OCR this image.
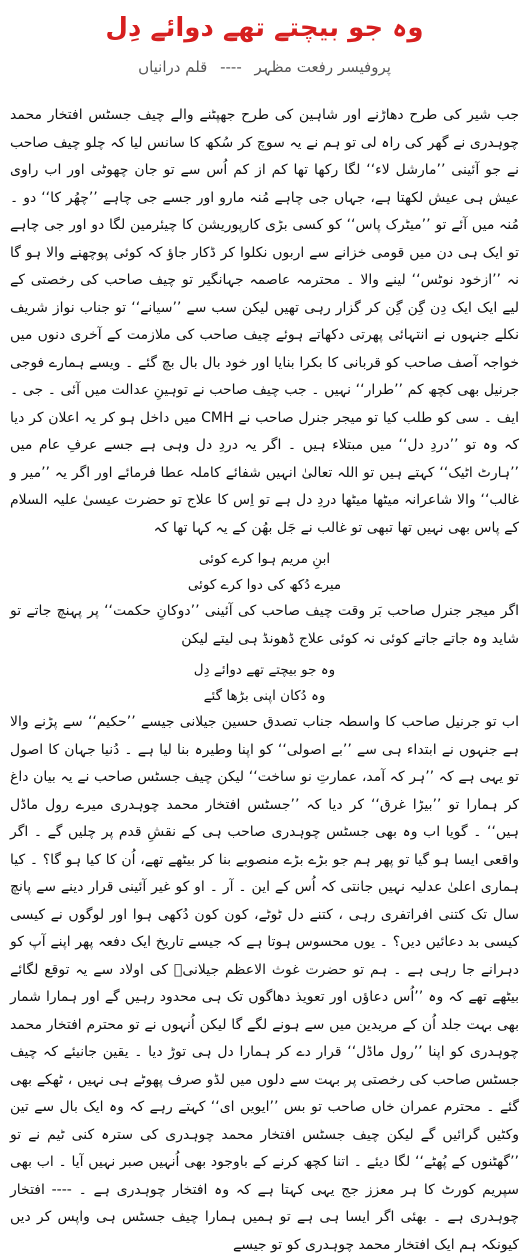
وہ جو بیچتے تھے دوائے دِل
پروفیسر رفعت مظہر ---- قلم درانیاں

جب شیر کی طرح دھاڑنے اور شاہین کی طرح جھپٹنے والے چیف جسٹس افتخار محمد چوہدری نے گھر کی راہ لی تو ہم نے یہ سوچ کر سُکھ کا سانس لیا کہ چلو چیف صاحب نے جو آئینی ’’مارشل لاء‘‘ لگا رکھا تھا کم از کم اُس سے تو جان چھوٹی اور اب راوی عیش ہی عیش لکھتا ہے، جہاں جی چاہے مُنہ مارو اور جسے جی چاہے ’’چھُر کا‘‘ دو ۔ مُنہ میں آئے تو ’’میٹرک پاس‘‘ کو کسی بڑی کارپوریشن کا چیئرمین لگا دو اور جی چاہے تو ایک ہی دن میں قومی خزانے سے اربوں نکلوا کر ڈکار جاؤ کہ کوئی پوچھنے والا ہو گا نہ ’’ازخود نوٹس‘‘ لینے والا ۔ محترمہ عاصمہ جہانگیر تو چیف صاحب کی رخصتی کے لیے ایک ایک دِن گِن گِن کر گزار رہی تھیں لیکن سب سے ’’سیانے‘‘ تو جناب نواز شریف نکلے جنہوں نے انتہائی پھرتی دکھاتے ہوئے چیف صاحب کی ملازمت کے آخری دنوں میں خواجہ آصف صاحب کو قربانی کا بکرا بنایا اور خود بال بال بچ گئے ۔ ویسے ہمارے فوجی جرنیل بھی کچھ کم ’’طرار‘‘ نہیں ۔ جب چیف صاحب نے توہینِ عدالت میں آئی ۔ جی ۔ ایف ۔ سی کو طلب کیا تو میجر جنرل صاحب نے CMH میں داخل ہو کر یہ اعلان کر دیا کہ وہ تو ’’دردِ دل‘‘ میں مبتلاء ہیں ۔ اگر یہ دردِ دل وہی ہے جسے عرفِ عام میں ’’ہارٹ اٹیک‘‘ کہتے ہیں تو اللہ تعالیٰ انہیں شفائے کاملہ عطا فرمائے اور اگر یہ ’’میر و غالب‘‘ والا شاعرانہ میٹھا میٹھا دردِ دل ہے تو اِس کا علاج تو حضرت عیسیٰ علیہ السلام کے پاس بھی نہیں تھا تبھی تو غالب نے جَل بھُن کے یہ کہا تھا کہ

ابنِ مریم ہوا کرے کوئی

میرے دُکھ کی دوا کرے کوئی

اگر میجر جنرل صاحب بَر وقت چیف صاحب کی آئینی ’’دوکانِ حکمت‘‘ پر پہنچ جاتے تو شاید وہ جاتے جاتے کوئی نہ کوئی علاج ڈھونڈ ہی لیتے لیکن

وہ جو بیچتے تھے دوائے دِل

وہ دُکان اپنی بڑھا گئے

اب تو جرنیل صاحب کا واسطہ جناب تصدق حسین جیلانی جیسے ’’حکیم‘‘ سے پڑنے والا ہے جنہوں نے ابتداء ہی سے ’’بے اصولی‘‘ کو اپنا وطیرہ بنا لیا ہے ۔ دُنیا جہان کا اصول تو یہی ہے کہ ’’ہر کہ آمد، عمارتِ نو ساخت‘‘ لیکن چیف جسٹس صاحب نے یہ بیان داغ کر ہمارا تو ’’بیڑا غرق‘‘ کر دیا کہ ’’جسٹس افتخار محمد چوہدری میرے رول ماڈل ہیں‘‘ ۔ گویا اب وہ بھی جسٹس چوہدری صاحب ہی کے نقشِ قدم پر چلیں گے ۔ اگر واقعی ایسا ہو گیا تو پھر ہم جو بڑے بڑے منصوبے بنا کر بیٹھے تھے، اُن کا کیا ہو گا؟ ۔ کیا ہماری اعلیٰ عدلیہ نہیں جانتی کہ اُس کے این ۔ آر ۔ او کو غیر آئینی قرار دینے سے پانچ سال تک کتنی افراتفری رہی ، کتنے دل ٹوٹے، کون کون دُکھی ہوا اور لوگوں نے کیسی کیسی بد دعائیں دیں؟ ۔ یوں محسوس ہوتا ہے کہ جیسے تاریخ ایک دفعہ پھر اپنے آپ کو دہرانے جا رہی ہے ۔ ہم تو حضرت غوث الاعظم جیلانیؒ کی اولاد سے یہ توقع لگائے بیٹھے تھے کہ وہ ’’اُس دعاؤں اور تعویذ دھاگوں تک ہی محدود رہیں گے اور ہمارا شمار بھی بہت جلد اُن کے مریدین میں سے ہونے لگے گا لیکن اُنہوں نے تو محترم افتخار محمد چوہدری کو اپنا ’’رول ماڈل‘‘ قرار دے کر ہمارا دل ہی توڑ دیا ۔ یقین جانیئے کہ چیف جسٹس صاحب کی رخصتی پر بہت سے دلوں میں لڈو صرف پھوٹے ہی نہیں ، ٹھکے بھی گئے ۔ محترم عمران خاں صاحب تو بس ’’ایویں ای‘‘ کہتے رہے کہ وہ ایک بال سے تین وکٹیں گرائیں گے لیکن چیف جسٹس افتخار محمد چوہدری کی سترہ کنی ٹیم نے تو ’’گھٹنوں کے پُھٹے‘‘ لگا دیئے ۔ اتنا کچھ کرنے کے باوجود بھی اُنہیں صبر نہیں آیا ۔ اب بھی سپریم کورٹ کا ہر معزز جج یہی کہتا ہے کہ وہ افتخار چوہدری ہے ۔ ---- افتخار چوہدری ہے ۔ بھئی اگر ایسا ہی ہے تو ہمیں ہمارا چیف جسٹس ہی واپس کر دیں کیونکہ ہم ایک افتخار محمد چوہدری کو تو جیسے
